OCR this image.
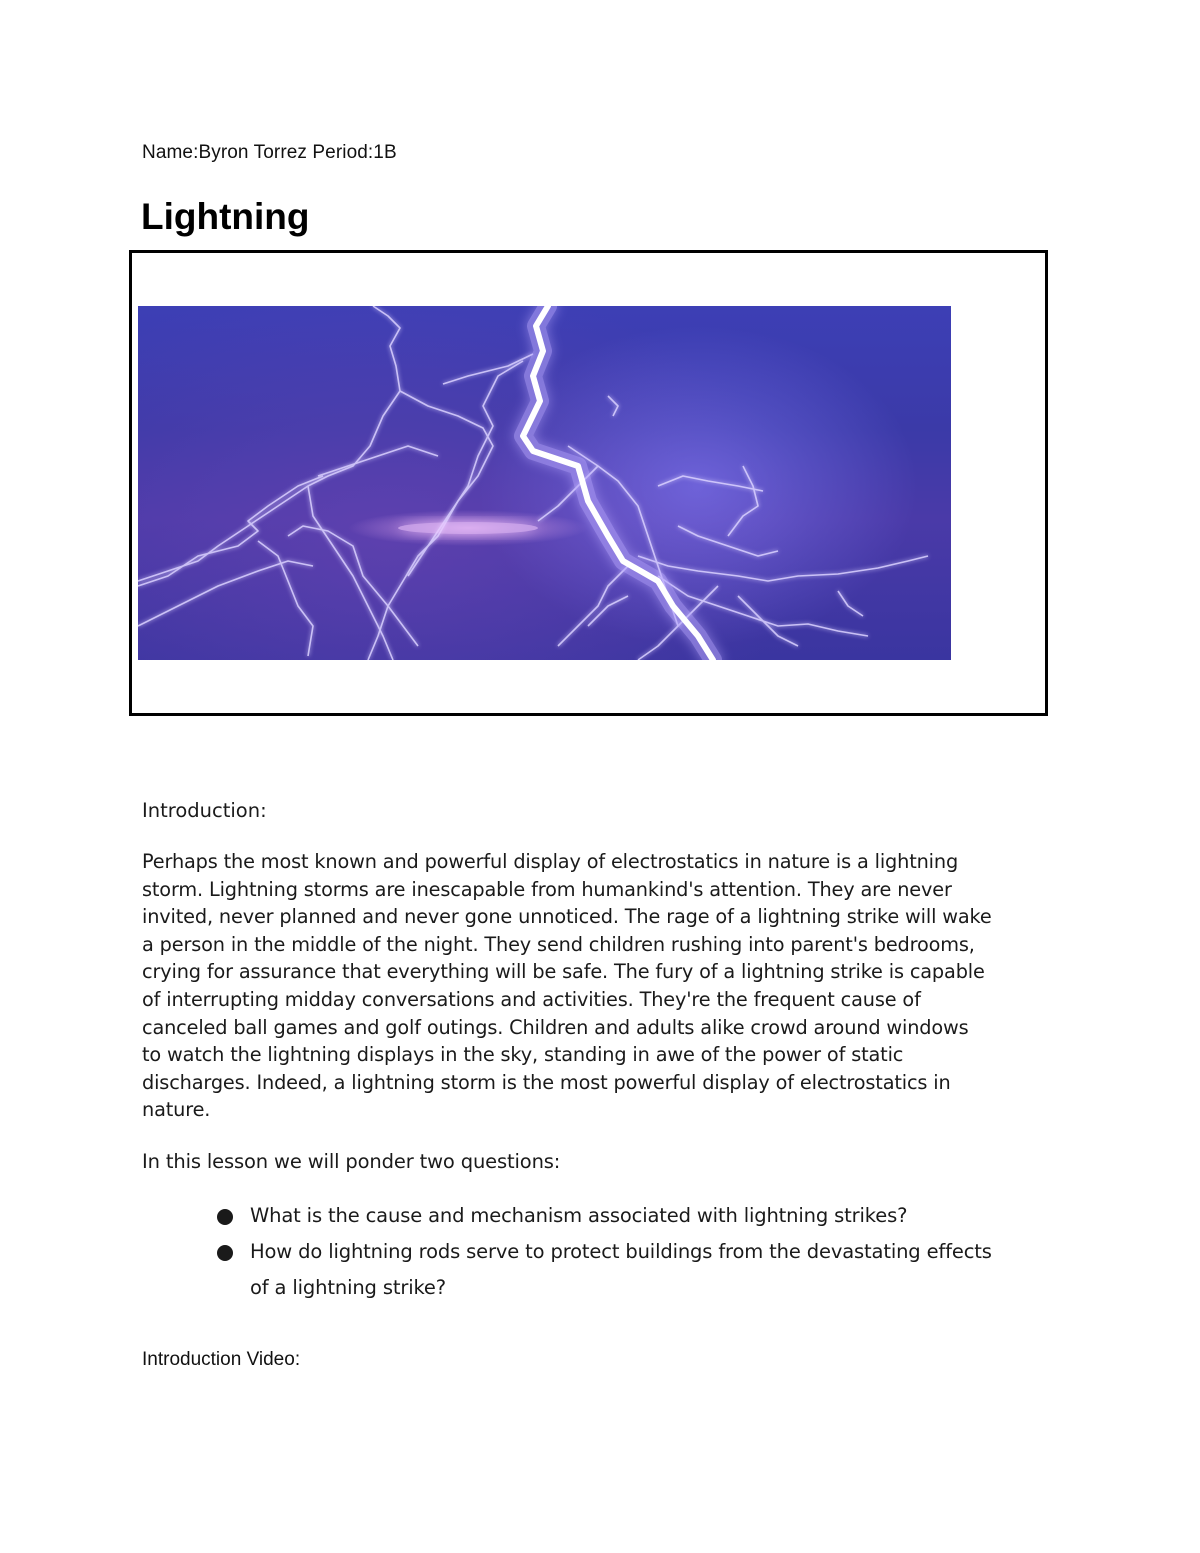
Name:Byron Torrez Period:1B
Lightning
Introduction:
Perhaps the most known and powerful display of electrostatics in nature is a lightning
storm. Lightning storms are inescapable from humankind's attention. They are never
invited, never planned and never gone unnoticed. The rage of a lightning strike will wake
a person in the middle of the night. They send children rushing into parent's bedrooms,
crying for assurance that everything will be safe. The fury of a lightning strike is capable
of interrupting midday conversations and activities. They're the frequent cause of
canceled ball games and golf outings. Children and adults alike crowd around windows
to watch the lightning displays in the sky, standing in awe of the power of static
discharges. Indeed, a lightning storm is the most powerful display of electrostatics in
nature.
In this lesson we will ponder two questions:
What is the cause and mechanism associated with lightning strikes?
How do lightning rods serve to protect buildings from the devastating effects
of a lightning strike?
Introduction Video:
